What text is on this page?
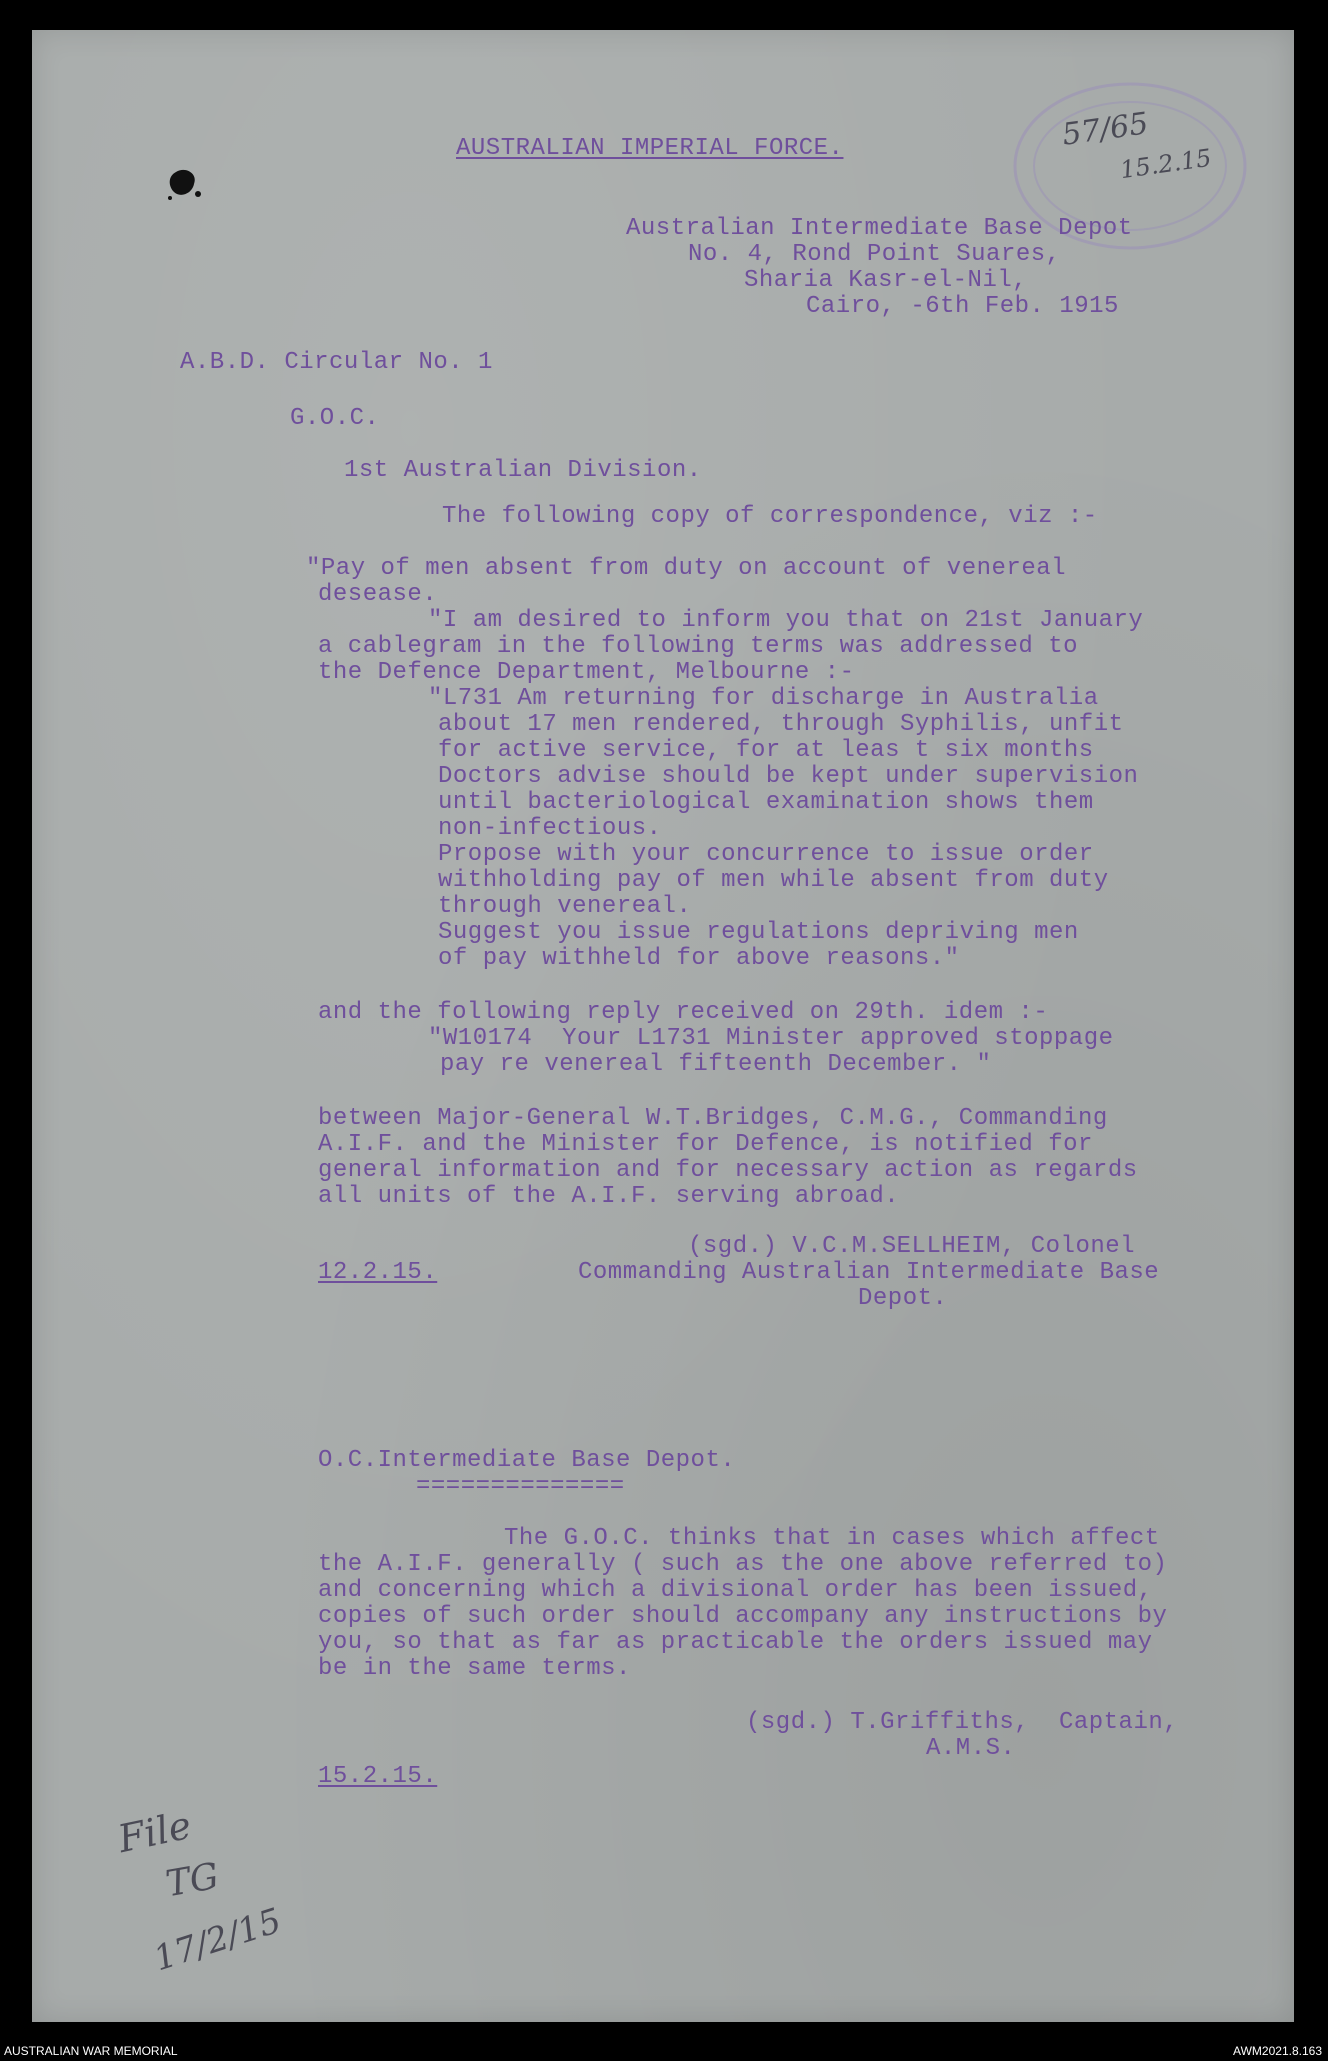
57/65
15.2.15
AUSTRALIAN IMPERIAL FORCE.
Australian Intermediate Base Depot
No. 4, Rond Point Suares,
Sharia Kasr-el-Nil,
Cairo, -6th Feb. 1915
A.B.D. Circular No. 1
G.O.C.
1st Australian Division.
The following copy of correspondence, viz :-
"Pay of men absent from duty on account of venereal
desease.
"I am desired to inform you that on 21st January
a cablegram in the following terms was addressed to
the Defence Department, Melbourne :-
"L731 Am returning for discharge in Australia
about 17 men rendered, through Syphilis, unfit
for active service, for at leas t six months
Doctors advise should be kept under supervision
until bacteriological examination shows them
non-infectious.
Propose with your concurrence to issue order
withholding pay of men while absent from duty
through venereal.
Suggest you issue regulations depriving men
of pay withheld for above reasons."
and the following reply received on 29th. idem :-
"W10174  Your L1731 Minister approved stoppage
pay re venereal fifteenth December. "
between Major-General W.T.Bridges, C.M.G., Commanding
A.I.F. and the Minister for Defence, is notified for
general information and for necessary action as regards
all units of the A.I.F. serving abroad.
(sgd.) V.C.M.SELLHEIM, Colonel
12.2.15.	Commanding Australian Intermediate Base
Depot.
O.C.Intermediate Base Depot.
==============
The G.O.C. thinks that in cases which affect
the A.I.F. generally ( such as the one above referred to)
and concerning which a divisional order has been issued,
copies of such order should accompany any instructions by
you, so that as far as practicable the orders issued may
be in the same terms.
(sgd.) T.Griffiths,  Captain,
A.M.S.
15.2.15.
File
TG
17/2/15
AUSTRALIAN WAR MEMORIAL	AWM2021.8.163
